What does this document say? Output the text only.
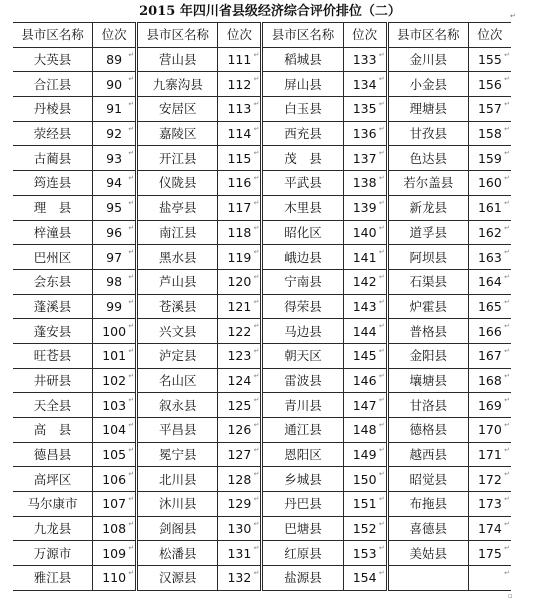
2015 年四川省县级经济综合评价排位（二）	↵
县市区名称	位次	县市区名称	位次	县市区名称	位次	县市区名称	位次
大英县	89 ↵	营山县	111 ↵	稻城县	133 ↵	金川县	155 ↵
合江县	90 ↵	九寨沟县	112 ↵	屏山县	134 ↵	小金县	156 ↵
丹棱县	91 ↵	安居区	113 ↵	白玉县	135 ↵	理塘县	157 ↵
荥经县	92 ↵	嘉陵区	114 ↵	西充县	136 ↵	甘孜县	158 ↵
古蔺县	93 ↵	开江县	115 ↵	茂　县	137 ↵	色达县	159 ↵
筠连县	94 ↵	仪陇县	116 ↵	平武县	138 ↵	若尔盖县	160 ↵
理　县	95 ↵	盐亭县	117 ↵	木里县	139 ↵	新龙县	161 ↵
梓潼县	96 ↵	南江县	118 ↵	昭化区	140 ↵	道孚县	162 ↵
巴州区	97 ↵	黑水县	119 ↵	峨边县	141 ↵	阿坝县	163 ↵
会东县	98 ↵	芦山县	120 ↵	宁南县	142 ↵	石渠县	164 ↵
蓬溪县	99 ↵	苍溪县	121 ↵	得荣县	143 ↵	炉霍县	165 ↵
蓬安县	100 ↵	兴文县	122 ↵	马边县	144 ↵	普格县	166 ↵
旺苍县	101 ↵	泸定县	123 ↵	朝天区	145 ↵	金阳县	167 ↵
井研县	102 ↵	名山区	124 ↵	雷波县	146 ↵	壤塘县	168 ↵
天全县	103 ↵	叙永县	125 ↵	青川县	147 ↵	甘洛县	169 ↵
高　县	104 ↵	平昌县	126 ↵	通江县	148 ↵	德格县	170 ↵
德昌县	105 ↵	冕宁县	127 ↵	恩阳区	149 ↵	越西县	171 ↵
高坪区	106 ↵	北川县	128 ↵	乡城县	150 ↵	昭觉县	172 ↵
马尔康市	107 ↵	沐川县	129 ↵	丹巴县	151 ↵	布拖县	173 ↵
九龙县	108 ↵	剑阁县	130 ↵	巴塘县	152 ↵	喜德县	174 ↵
万源市	109 ↵	松潘县	131 ↵	红原县	153 ↵	美姑县	175 ↵
雅江县	110 ↵	汉源县	132 ↵	盐源县	154 ↵		↵
▫
